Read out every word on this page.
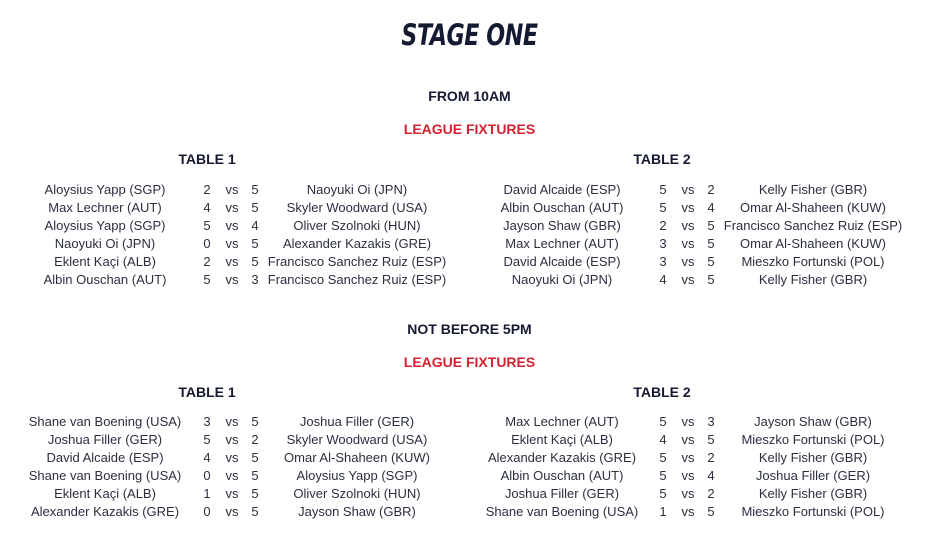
STAGE ONE
FROM 10AM
LEAGUE FIXTURES
TABLE 1
Aloysius Yapp (SGP)	2	vs 5	Naoyuki Oi (JPN)
Max Lechner (AUT)	4	vs 5	Skyler Woodward (USA)
Aloysius Yapp (SGP)	5	vs 4	Oliver Szolnoki (HUN)
Naoyuki Oi (JPN)	0	vs 5	Alexander Kazakis (GRE)
Eklent Kaçi (ALB)	2	vs 5 Francisco Sanchez Ruiz (ESP)
Albin Ouschan (AUT)	5	vs 3 Francisco Sanchez Ruiz (ESP)
TABLE 2
David Alcaide (ESP)	5	vs 2	Kelly Fisher (GBR)
Albin Ouschan (AUT)	5	vs 4	Omar Al-Shaheen (KUW)
Jayson Shaw (GBR)	2	vs 5 Francisco Sanchez Ruiz (ESP)
Max Lechner (AUT)	3	vs 5	Omar Al-Shaheen (KUW)
David Alcaide (ESP)	3	vs 5	Mieszko Fortunski (POL)
Naoyuki Oi (JPN)	4	vs 5	Kelly Fisher (GBR)
NOT BEFORE 5PM
LEAGUE FIXTURES
TABLE 1
Shane van Boening (USA)	3	vs 5	Joshua Filler (GER)
Joshua Filler (GER)	5	vs 2	Skyler Woodward (USA)
David Alcaide (ESP)	4	vs 5	Omar Al-Shaheen (KUW)
Shane van Boening (USA)	0	vs 5	Aloysius Yapp (SGP)
Eklent Kaçi (ALB)	1	vs 5	Oliver Szolnoki (HUN)
Alexander Kazakis (GRE)	0	vs 5	Jayson Shaw (GBR)
TABLE 2
Max Lechner (AUT)	5	vs 3	Jayson Shaw (GBR)
Eklent Kaçi (ALB)	4	vs 5	Mieszko Fortunski (POL)
Alexander Kazakis (GRE)	5	vs 2	Kelly Fisher (GBR)
Albin Ouschan (AUT)	5	vs 4	Joshua Filler (GER)
Joshua Filler (GER)	5	vs 2	Kelly Fisher (GBR)
Shane van Boening (USA)	1	vs 5	Mieszko Fortunski (POL)
